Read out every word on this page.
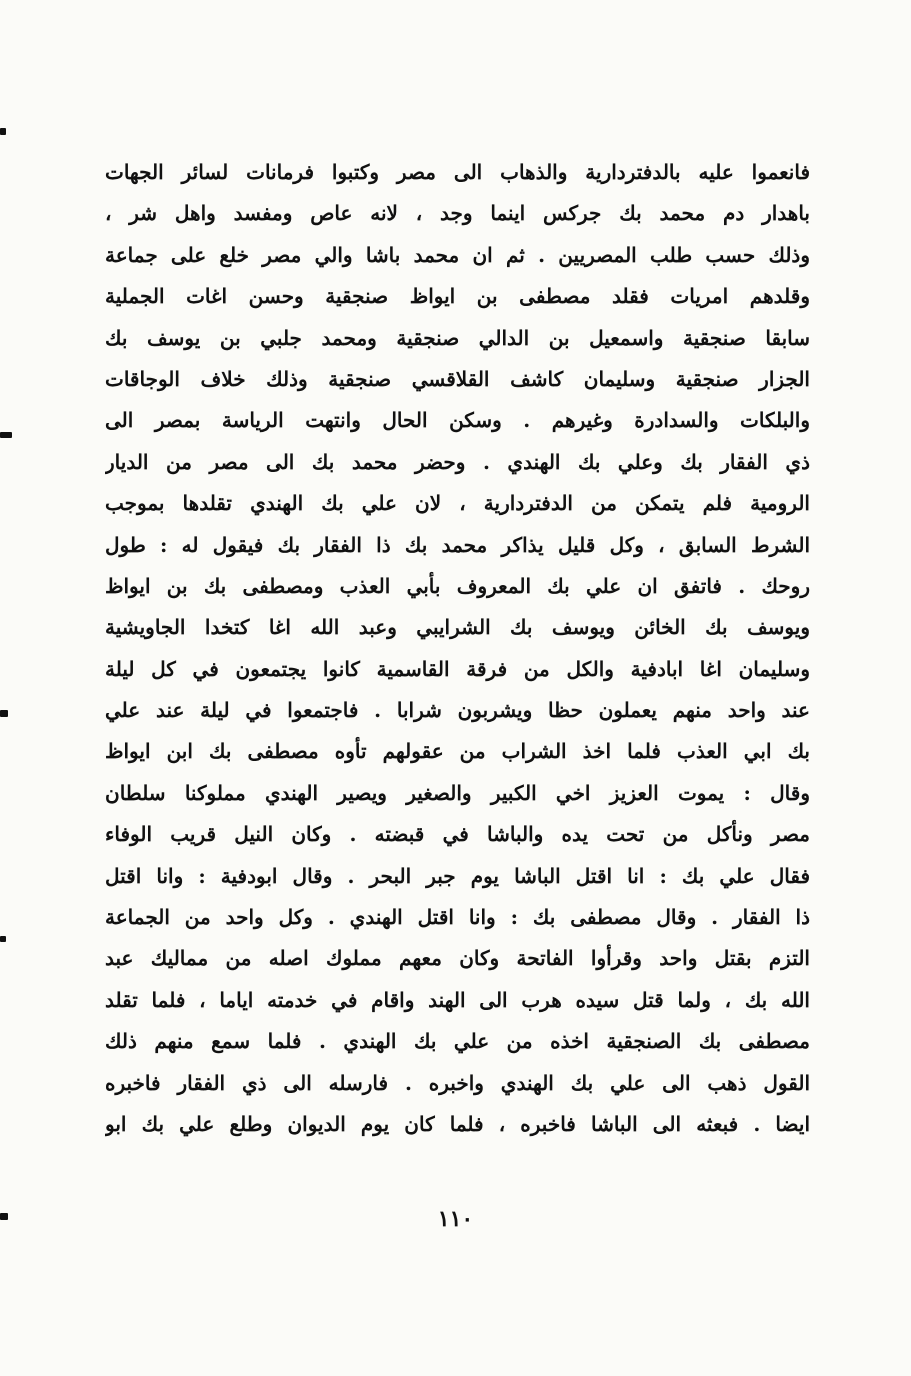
فانعموا عليه بالدفتردارية والذهاب الى مصر وكتبوا فرمانات لسائر الجهات
باهدار دم محمد بك جركس اينما وجد ، لانه عاص ومفسد واهل شر ،
وذلك حسب طلب المصريين . ثم ان محمد باشا والي مصر خلع على جماعة
وقلدهم امريات فقلد مصطفى بن ايواظ صنجقية وحسن اغات الجملية
سابقا صنجقية واسمعيل بن الدالي صنجقية ومحمد جلبي بن يوسف بك
الجزار صنجقية وسليمان كاشف القلاقسي صنجقية وذلك خلاف الوجاقات
والبلكات والسدادرة وغيرهم . وسكن الحال وانتهت الرياسة بمصر الى
ذي الفقار بك وعلي بك الهندي . وحضر محمد بك الى مصر من الديار
الرومية فلم يتمكن من الدفتردارية ، لان علي بك الهندي تقلدها بموجب
الشرط السابق ، وكل قليل يذاكر محمد بك ذا الفقار بك فيقول له : طول
روحك . فاتفق ان علي بك المعروف بأبي العذب ومصطفى بك بن ايواظ
ويوسف بك الخائن ويوسف بك الشرايبي وعبد الله اغا كتخدا الجاويشية
وسليمان اغا ابادفية والكل من فرقة القاسمية كانوا يجتمعون في كل ليلة
عند واحد منهم يعملون حظا ويشربون شرابا . فاجتمعوا في ليلة عند علي
بك ابي العذب فلما اخذ الشراب من عقولهم تأوه مصطفى بك ابن ايواظ
وقال : يموت العزيز اخي الكبير والصغير ويصير الهندي مملوكنا سلطان
مصر ونأكل من تحت يده والباشا في قبضته . وكان النيل قريب الوفاء
فقال علي بك : انا اقتل الباشا يوم جبر البحر . وقال ابودفية : وانا اقتل
ذا الفقار . وقال مصطفى بك : وانا اقتل الهندي . وكل واحد من الجماعة
التزم بقتل واحد وقرأوا الفاتحة وكان معهم مملوك اصله من مماليك عبد
الله بك ، ولما قتل سيده هرب الى الهند واقام في خدمته اياما ، فلما تقلد
مصطفى بك الصنجقية اخذه من علي بك الهندي . فلما سمع منهم ذلك
القول ذهب الى علي بك الهندي واخبره . فارسله الى ذي الفقار فاخبره
ايضا . فبعثه الى الباشا فاخبره ، فلما كان يوم الديوان وطلع علي بك ابو
١١٠
